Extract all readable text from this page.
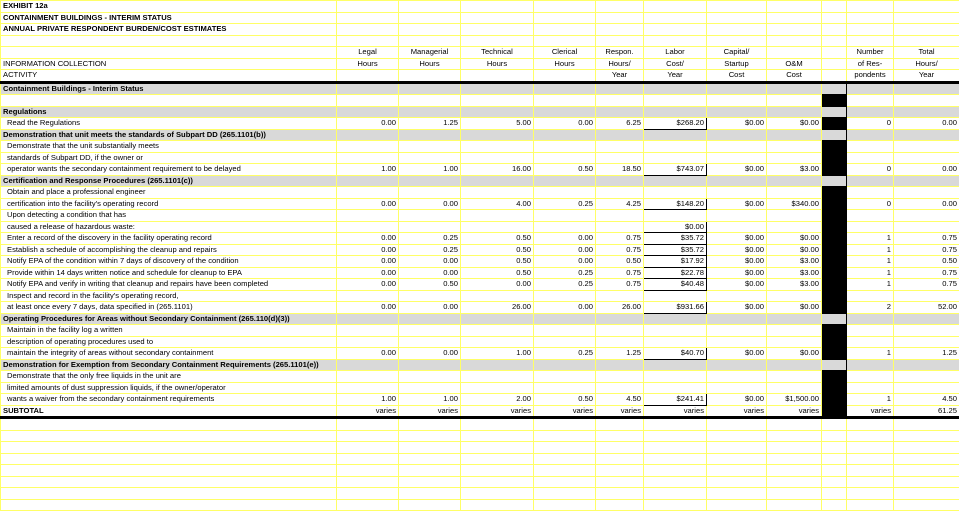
EXHIBIT 12a											
CONTAINMENT BUILDINGS - INTERIM STATUS											
ANNUAL PRIVATE RESPONDENT BURDEN/COST ESTIMATES											

	Legal	Managerial	Technical	Clerical	Respon.	Labor	Capital/			Number	Total
INFORMATION COLLECTION	Hours	Hours	Hours	Hours	Hours/	Cost/	Startup	O&M		of Res-	Hours/
ACTIVITY					Year	Year	Cost	Cost		pondents	Year
Containment Buildings - Interim Status											

Regulations											
Read the Regulations	0.00	1.25	5.00	0.00	6.25	$268.20	$0.00	$0.00		0	0.00
Demonstration that unit meets the standards of Subpart DD (265.1101(b))											
Demonstrate that the unit substantially meets											
standards of Subpart DD, if the owner or											
operator wants the secondary containment requirement to be delayed	1.00	1.00	16.00	0.50	18.50	$743.07	$0.00	$3.00		0	0.00
Certification and Response Procedures (265.1101(c))											
Obtain and place a professional engineer											
certification into the facility's operating record	0.00	0.00	4.00	0.25	4.25	$148.20	$0.00	$340.00		0	0.00
Upon detecting a condition that has											
caused a release of hazardous waste:						$0.00					
Enter a record of the discovery in the facility operating record	0.00	0.25	0.50	0.00	0.75	$35.72	$0.00	$0.00		1	0.75
Establish a schedule of accomplishing the cleanup and repairs	0.00	0.25	0.50	0.00	0.75	$35.72	$0.00	$0.00		1	0.75
Notify EPA of the condition within 7 days of discovery of the condition	0.00	0.00	0.50	0.00	0.50	$17.92	$0.00	$3.00		1	0.50
Provide within 14 days written notice and schedule for cleanup to EPA	0.00	0.00	0.50	0.25	0.75	$22.78	$0.00	$3.00		1	0.75
Notify EPA and verify in writing that cleanup and repairs have been completed	0.00	0.50	0.00	0.25	0.75	$40.48	$0.00	$3.00		1	0.75
Inspect and record in the facility's operating record,											
at least once every 7 days, data specified in (265.1101)	0.00	0.00	26.00	0.00	26.00	$931.66	$0.00	$0.00		2	52.00
Operating Procedures for Areas without Secondary Containment (265.110(d)(3))											
Maintain in the facility log a written											
description of operating procedures used to											
maintain the integrity of areas without secondary containment	0.00	0.00	1.00	0.25	1.25	$40.70	$0.00	$0.00		1	1.25
Demonstration for Exemption from Secondary Containment Requirements (265.1101(e))											
Demonstrate that the only free liquids in the unit are											
limited amounts of dust suppression liquids, if the owner/operator											
wants a waiver from the secondary containment requirements	1.00	1.00	2.00	0.50	4.50	$241.41	$0.00	$1,500.00		1	4.50
SUBTOTAL	varies	varies	varies	varies	varies	varies	varies	varies		varies	61.25
